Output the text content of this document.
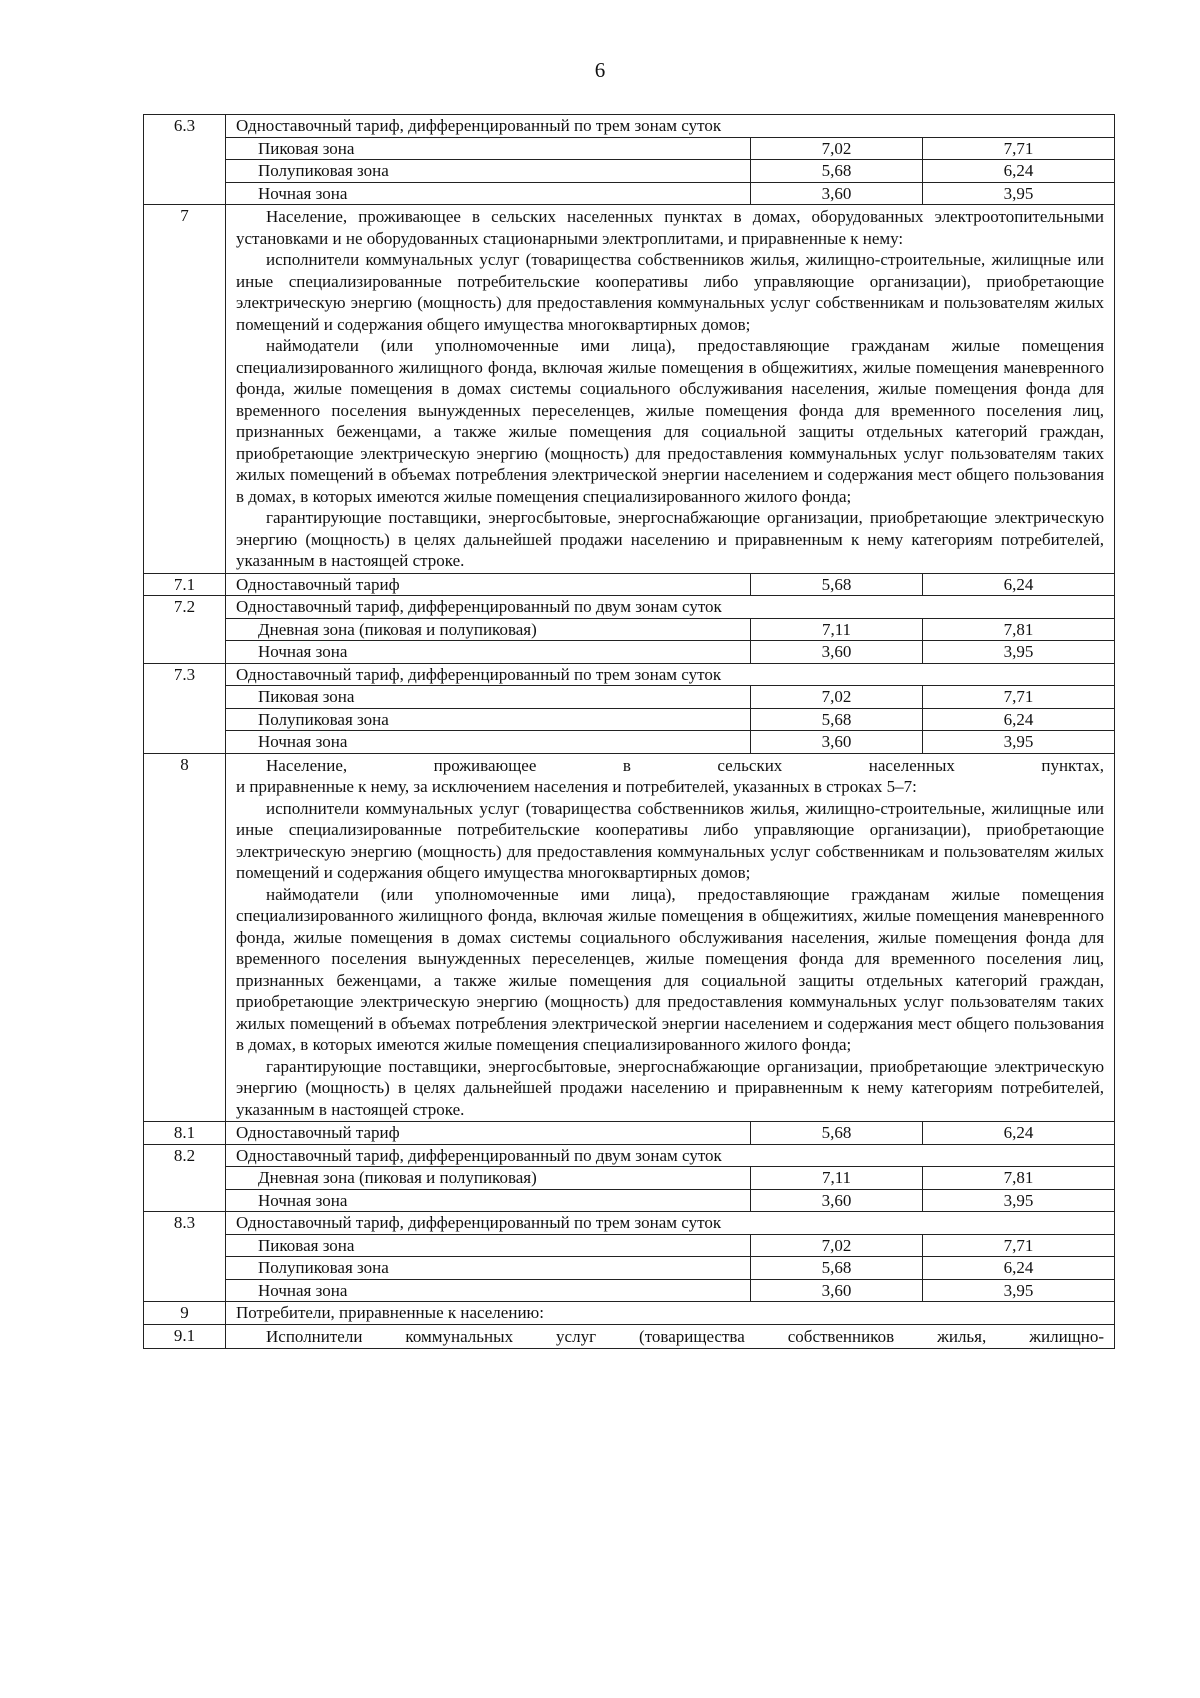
6
6.3	Одноставочный тариф, дифференцированный по трем зонам суток		
	Пиковая зона	7,02	7,71
	Полупиковая зона	5,68	6,24
	Ночная зона	3,60	3,95
7	Население, проживающее в сельских населенных пунктах в домах, оборудованных электроотопительными установками и не оборудованных стационарными электроплитами, и приравненные к нему:

исполнители коммунальных услуг (товарищества собственников жилья, жилищно-строительные, жилищные или иные специализированные потребительские кооперативы либо управляющие организации), приобретающие электрическую энергию (мощность) для предоставления коммунальных услуг собственникам и пользователям жилых помещений и содержания общего имущества многоквартирных домов;

наймодатели (или уполномоченные ими лица), предоставляющие гражданам жилые помещения специализированного жилищного фонда, включая жилые помещения в общежитиях, жилые помещения маневренного фонда, жилые помещения в домах системы социального обслуживания населения, жилые помещения фонда для временного поселения вынужденных переселенцев, жилые помещения фонда для временного поселения лиц, признанных беженцами, а также жилые помещения для социальной защиты отдельных категорий граждан, приобретающие электрическую энергию (мощность) для предоставления коммунальных услуг пользователям таких жилых помещений в объемах потребления электрической энергии населением и содержания мест общего пользования в домах, в которых имеются жилые помещения специализированного жилого фонда;

гарантирующие поставщики, энергосбытовые, энергоснабжающие организации, приобретающие электрическую энергию (мощность) в целях дальнейшей продажи населению и приравненным к нему категориям потребителей, указанным в настоящей строке.		

7.1	Одноставочный тариф	5,68	6,24
7.2	Одноставочный тариф, дифференцированный по двум зонам суток		
	Дневная зона (пиковая и полупиковая)	7,11	7,81
	Ночная зона	3,60	3,95
7.3	Одноставочный тариф, дифференцированный по трем зонам суток		
	Пиковая зона	7,02	7,71
	Полупиковая зона	5,68	6,24
	Ночная зона	3,60	3,95
8	Население, проживающее в сельских населенных пунктах,

и приравненные к нему, за исключением населения и потребителей, указанных в строках 5–7:

исполнители коммунальных услуг (товарищества собственников жилья, жилищно-строительные, жилищные или иные специализированные потребительские кооперативы либо управляющие организации), приобретающие электрическую энергию (мощность) для предоставления коммунальных услуг собственникам и пользователям жилых помещений и содержания общего имущества многоквартирных домов;

наймодатели (или уполномоченные ими лица), предоставляющие гражданам жилые помещения специализированного жилищного фонда, включая жилые помещения в общежитиях, жилые помещения маневренного фонда, жилые помещения в домах системы социального обслуживания населения, жилые помещения фонда для временного поселения вынужденных переселенцев, жилые помещения фонда для временного поселения лиц, признанных беженцами, а также жилые помещения для социальной защиты отдельных категорий граждан, приобретающие электрическую энергию (мощность) для предоставления коммунальных услуг пользователям таких жилых помещений в объемах потребления электрической энергии населением и содержания мест общего пользования в домах, в которых имеются жилые помещения специализированного жилого фонда;

гарантирующие поставщики, энергосбытовые, энергоснабжающие организации, приобретающие электрическую энергию (мощность) в целях дальнейшей продажи населению и приравненным к нему категориям потребителей, указанным в настоящей строке.		

8.1	Одноставочный тариф	5,68	6,24
8.2	Одноставочный тариф, дифференцированный по двум зонам суток		
	Дневная зона (пиковая и полупиковая)	7,11	7,81
	Ночная зона	3,60	3,95
8.3	Одноставочный тариф, дифференцированный по трем зонам суток		
	Пиковая зона	7,02	7,71
	Полупиковая зона	5,68	6,24
	Ночная зона	3,60	3,95
9	Потребители, приравненные к населению:		
9.1	Исполнители коммунальных услуг (товарищества собственников жилья, жилищно-		
